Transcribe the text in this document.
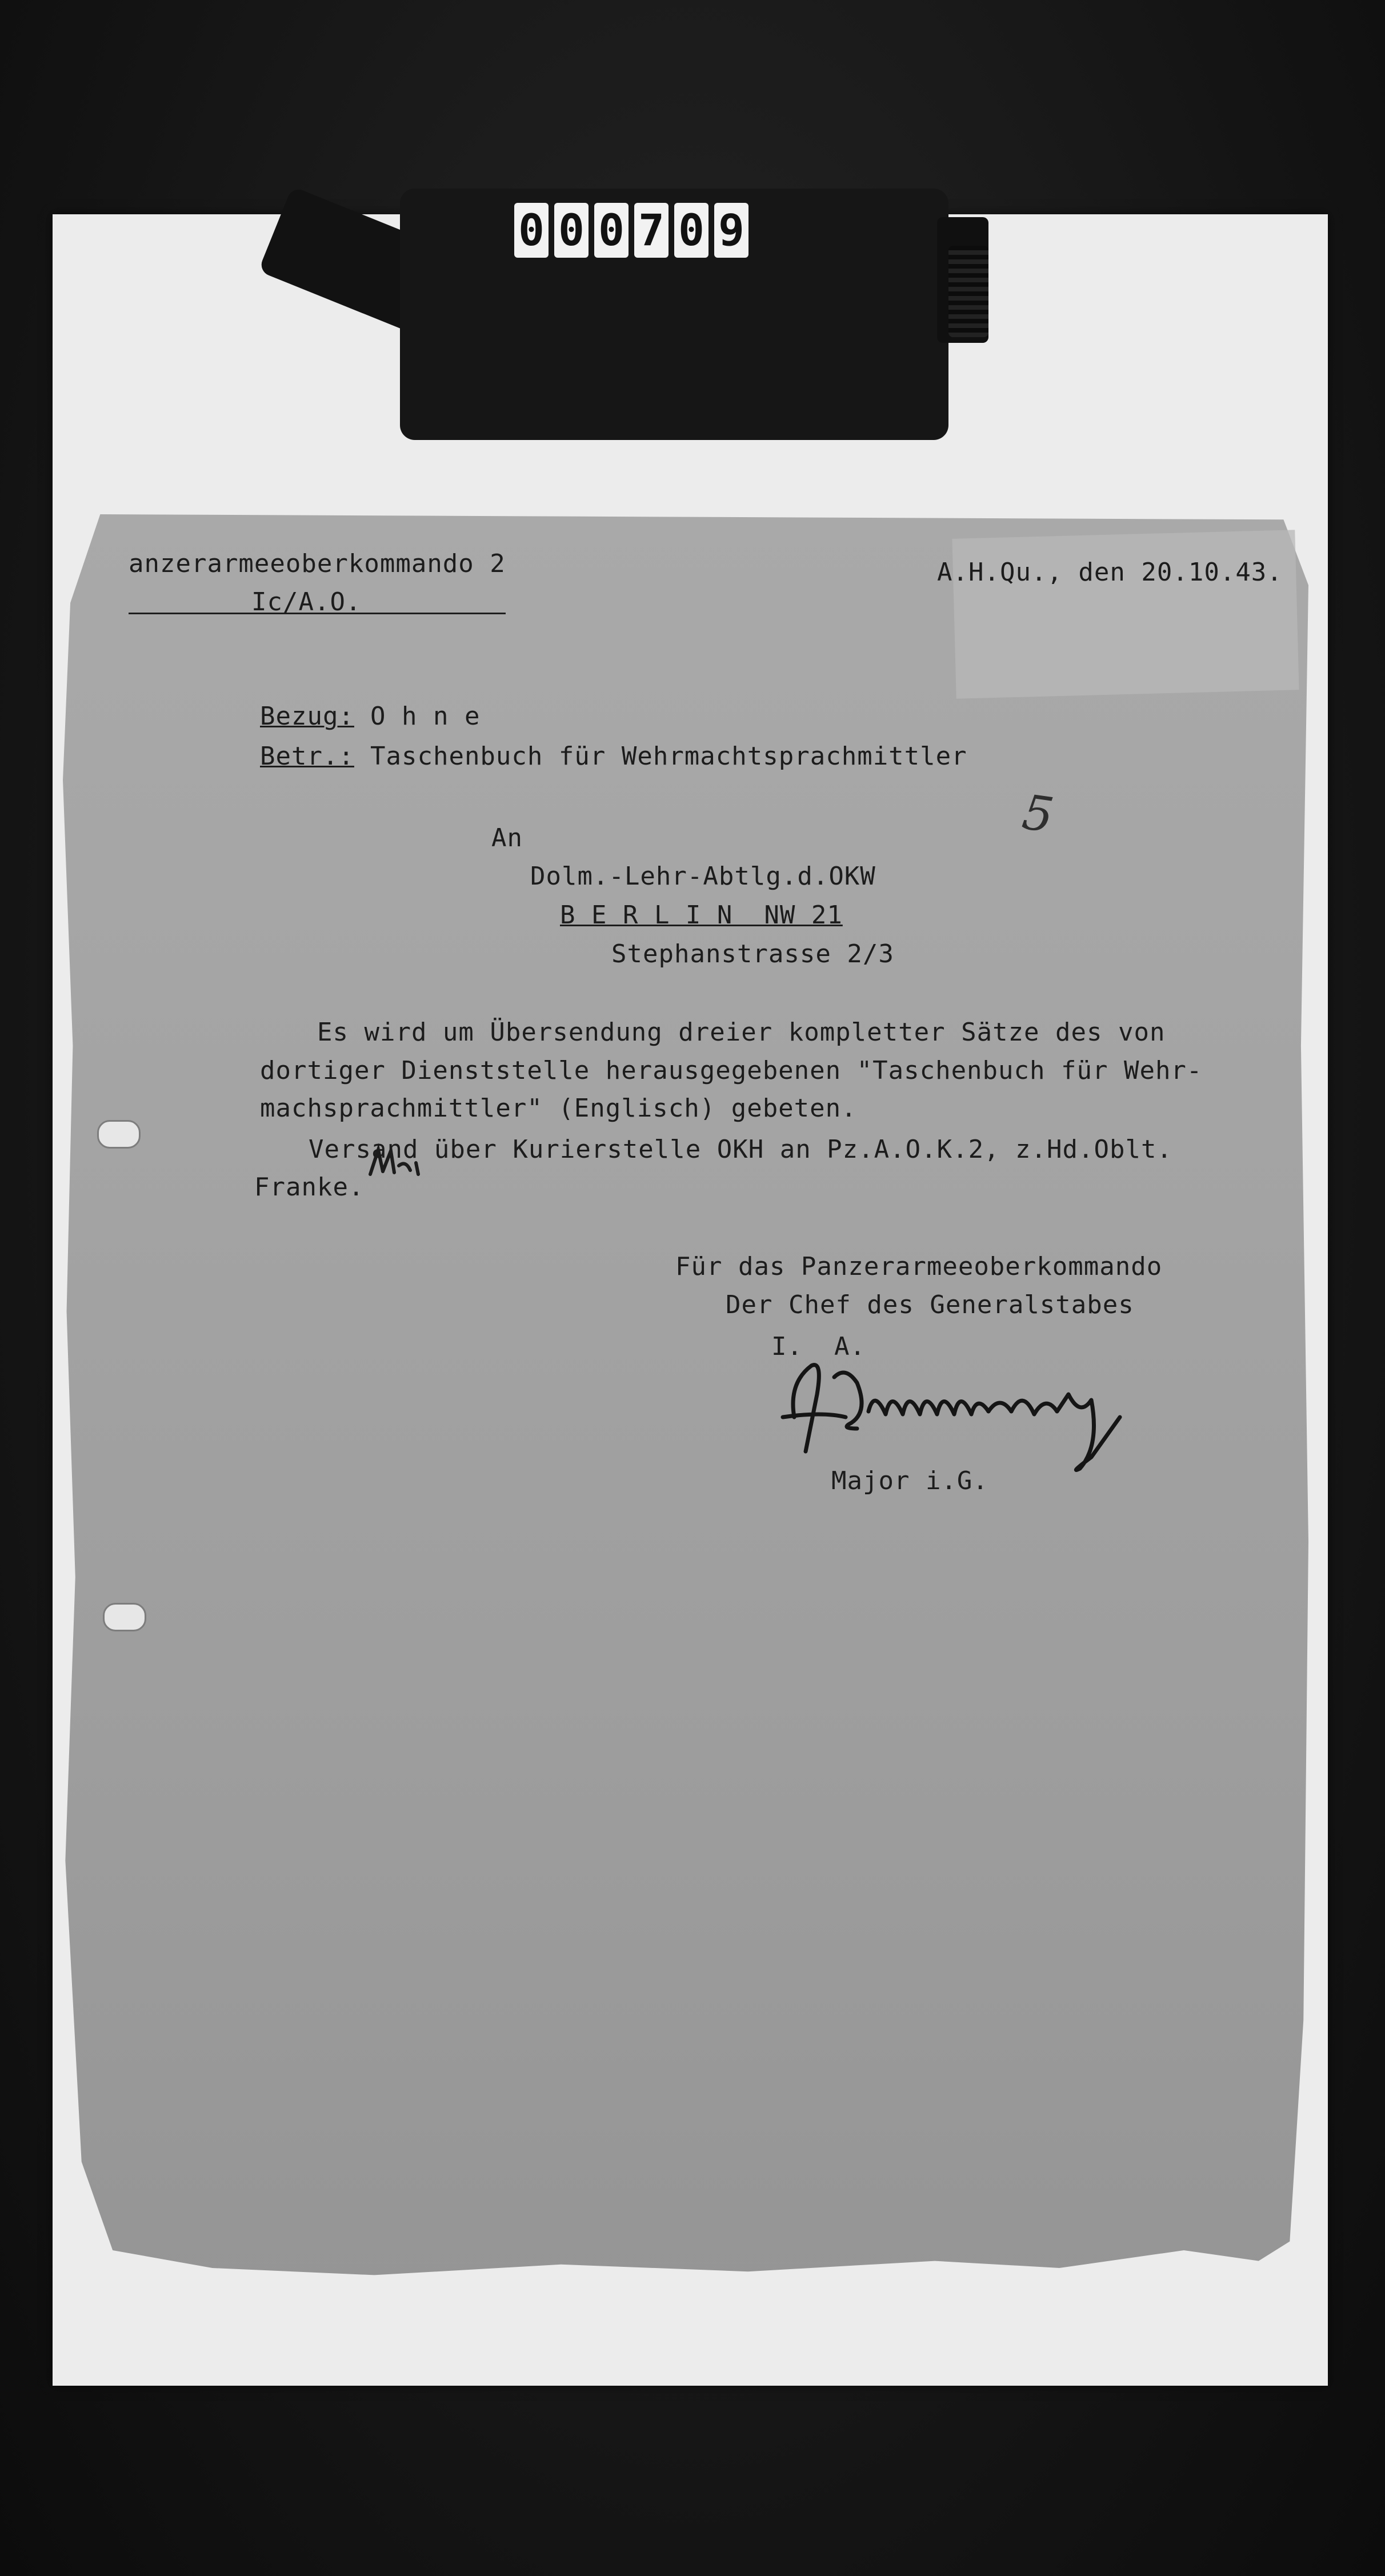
0 0 0 7 0 9
anzerarmeeoberkommando 2
Ic/A.O.
A.H.Qu., den 20.10.43.
Bezug: O h n e
Betr.: Taschenbuch für Wehrmachtsprachmittler
5
An
Dolm.-Lehr-Abtlg.d.OKW
B E R L I N  NW 21
Stephanstrasse 2/3
Es wird um Übersendung dreier kompletter Sätze des von
dortiger Dienststelle herausgegebenen "Taschenbuch für Wehr-
machsprachmittler" (Englisch) gebeten.
Versand über Kurierstelle OKH an Pz.A.O.K.2, z.Hd.Oblt.
Franke.
Für das Panzerarmeeoberkommando
Der Chef des Generalstabes
I.  A.
Major i.G.
